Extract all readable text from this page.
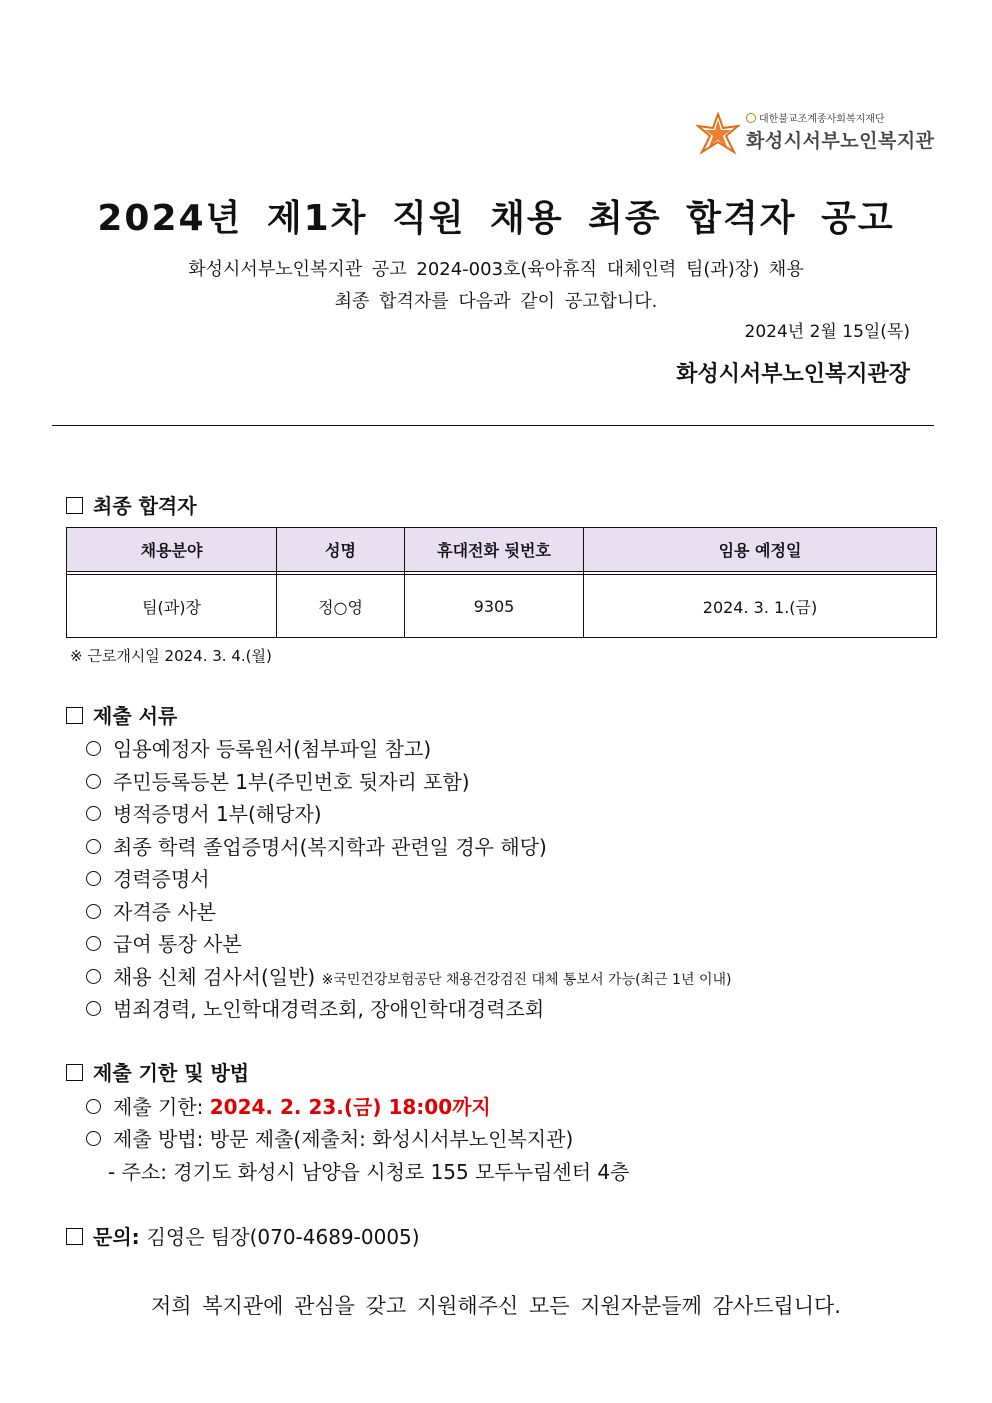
대한불교조계종사회복지재단
화성시서부노인복지관
2024년 제1차 직원 채용 최종 합격자 공고
화성시서부노인복지관 공고 2024-003호(육아휴직 대체인력 팀(과)장) 채용
최종 합격자를 다음과 같이 공고합니다.
2024년 2월 15일(목)
화성시서부노인복지관장
최종 합격자
채용분야	성명	휴대전화 뒷번호	임용 예정일

팀(과)장	정○영	9305	2024. 3. 1.(금)
※ 근로개시일 2024. 3. 4.(월)
제출 서류
임용예정자 등록원서(첨부파일 참고)
주민등록등본 1부(주민번호 뒷자리 포함)
병적증명서 1부(해당자)
최종 학력 졸업증명서(복지학과 관련일 경우 해당)
경력증명서
자격증 사본
급여 통장 사본
채용 신체 검사서(일반) ※국민건강보험공단 채용건강검진 대체 통보서 가능(최근 1년 이내)
범죄경력, 노인학대경력조회, 장애인학대경력조회
제출 기한 및 방법
제출 기한: 2024. 2. 23.(금) 18:00까지
제출 방법: 방문 제출(제출처: 화성시서부노인복지관)
- 주소: 경기도 화성시 남양읍 시청로 155 모두누림센터 4층
문의: 김영은 팀장(070-4689-0005)
저희 복지관에 관심을 갖고 지원해주신 모든 지원자분들께 감사드립니다.
